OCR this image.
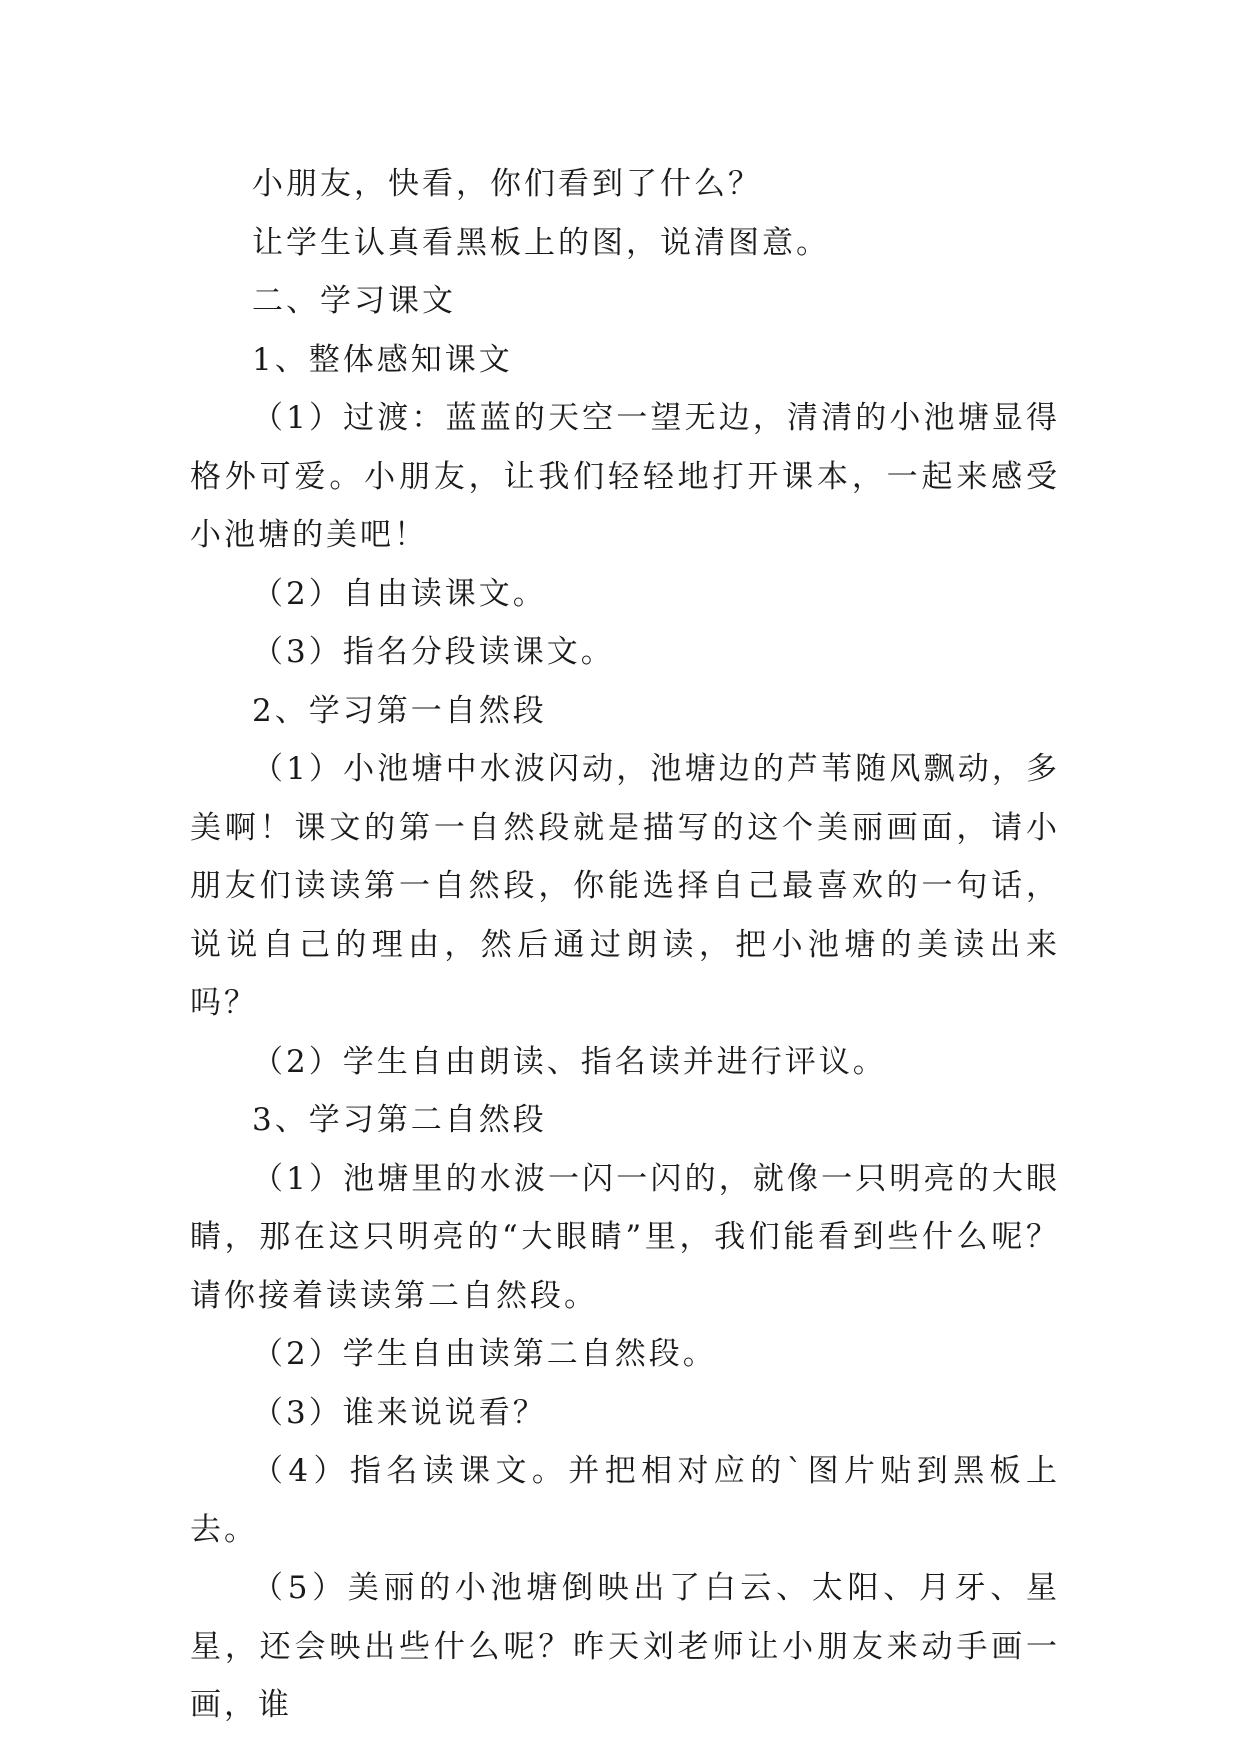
小朋友，快看，你们看到了什么？

让学生认真看黑板上的图，说清图意。

二、学习课文

1、整体感知课文

（1）过渡：蓝蓝的天空一望无边，清清的小池塘显得格外可爱。小朋友，让我们轻轻地打开课本，一起来感受小池塘的美吧！

（2）自由读课文。

（3）指名分段读课文。

2、学习第一自然段

（1）小池塘中水波闪动，池塘边的芦苇随风飘动，多美啊！课文的第一自然段就是描写的这个美丽画面，请小朋友们读读第一自然段，你能选择自己最喜欢的一句话，说说自己的理由，然后通过朗读，把小池塘的美读出来吗？

（2）学生自由朗读、指名读并进行评议。

3、学习第二自然段

（1）池塘里的水波一闪一闪的，就像一只明亮的大眼睛，那在这只明亮的“大眼睛”里，我们能看到些什么呢？请你接着读读第二自然段。

（2）学生自由读第二自然段。

（3）谁来说说看？

（4）指名读课文。并把相对应的`图片贴到黑板上去。

（5）美丽的小池塘倒映出了白云、太阳、月牙、星星，还会映出些什么呢？昨天刘老师让小朋友来动手画一画，谁
